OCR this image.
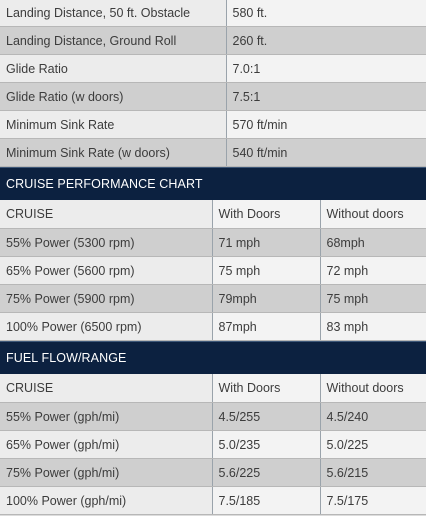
Landing Distance, 50 ft. Obstacle	580 ft.
Landing Distance, Ground Roll	260 ft.
Glide Ratio	7.0:1
Glide Ratio (w doors)	7.5:1
Minimum Sink Rate	570 ft/min
Minimum Sink Rate (w doors)	540 ft/min
CRUISE PERFORMANCE CHART
CRUISE	With Doors	Without doors
55% Power (5300 rpm)	71 mph	68mph
65% Power (5600 rpm)	75 mph	72 mph
75% Power (5900 rpm)	79mph	75 mph
100% Power (6500 rpm)	87mph	83 mph
FUEL FLOW/RANGE
CRUISE	With Doors	Without doors
55% Power (gph/mi)	4.5/255	4.5/240
65% Power (gph/mi)	5.0/235	5.0/225
75% Power (gph/mi)	5.6/225	5.6/215
100% Power (gph/mi)	7.5/185	7.5/175
